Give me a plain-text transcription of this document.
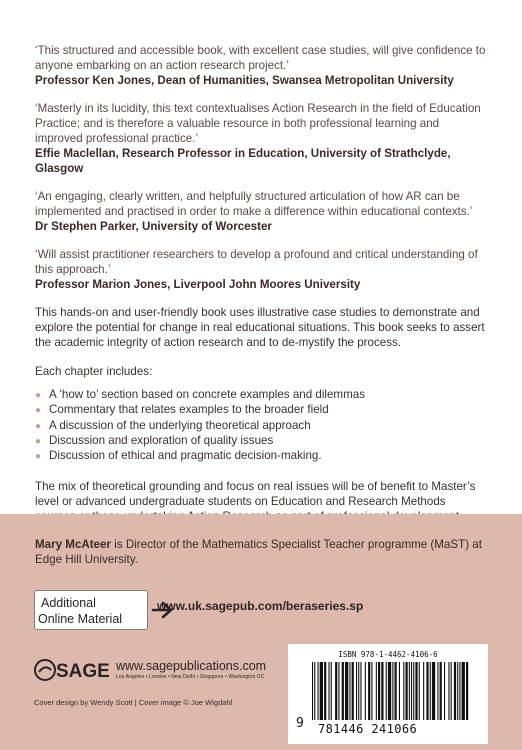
‘This structured and accessible book, with excellent case studies, will give confidence to anyone embarking on an action research project.’
Professor Ken Jones, Dean of Humanities, Swansea Metropolitan University
‘Masterly in its lucidity, this text contextualises Action Research in the field of Education Practice; and is therefore a valuable resource in both professional learning and improved professional practice.’
Effie Maclellan, Research Professor in Education, University of Strathclyde, Glasgow
‘An engaging, clearly written, and helpfully structured articulation of how AR can be implemented and practised in order to make a difference within educational contexts.’
Dr Stephen Parker, University of Worcester
‘Will assist practitioner researchers to develop a profound and critical understanding of this approach.’
Professor Marion Jones, Liverpool John Moores University

This hands-on and user-friendly book uses illustrative case studies to demonstrate and explore the potential for change in real educational situations. This book seeks to assert the academic integrity of action research and to de-mystify the process.

Each chapter includes:

● A ‘how to’ section based on concrete examples and dilemmas
● Commentary that relates examples to the broader field
● A discussion of the underlying theoretical approach
● Discussion and exploration of quality issues
● Discussion of ethical and pragmatic decision-making.

The mix of theoretical grounding and focus on real issues will be of benefit to Master’s level or advanced undergraduate students on Education and Research Methods

Mary McAteer is Director of the Mathematics Specialist Teacher programme (MaST) at Edge Hill University.

Additional
Online Material
www.uk.sagepub.com/beraseries.sp
SAGE www.sagepublications.com
Los Angeles • London • New Delhi • Singapore • Washington DC
Cover design by Wendy Scott | Cover image © Joe Wigdahl
ISBN 978-1-4462-4106-6
9	781446 241066
